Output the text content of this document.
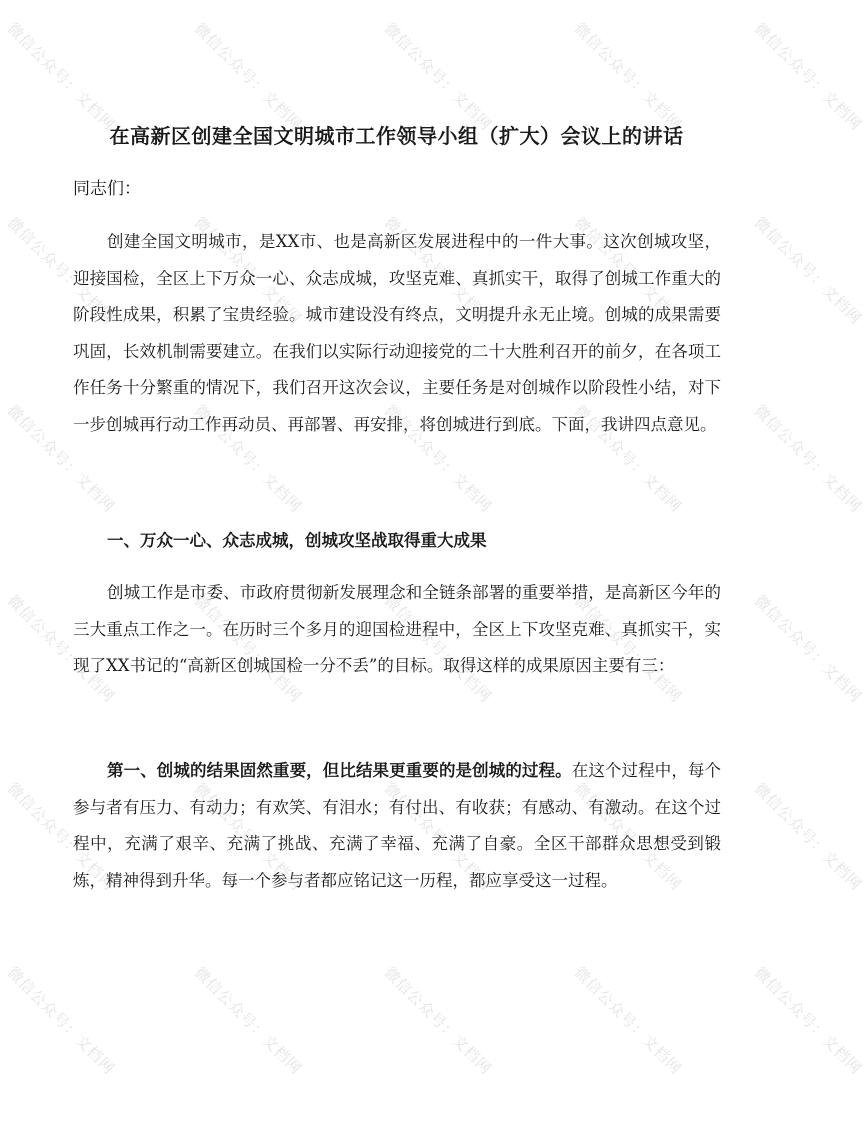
在高新区创建全国文明城市工作领导小组（扩大）会议上的讲话

同志们：

创建全国文明城市，是XX市、也是高新区发展进程中的一件大事。这次创城攻坚，迎接国检，全区上下万众一心、众志成城，攻坚克难、真抓实干，取得了创城工作重大的阶段性成果，积累了宝贵经验。城市建设没有终点，文明提升永无止境。创城的成果需要巩固，长效机制需要建立。在我们以实际行动迎接党的二十大胜利召开的前夕，在各项工作任务十分繁重的情况下，我们召开这次会议，主要任务是对创城作以阶段性小结，对下一步创城再行动工作再动员、再部署、再安排，将创城进行到底。下面，我讲四点意见。

一、万众一心、众志成城，创城攻坚战取得重大成果

创城工作是市委、市政府贯彻新发展理念和全链条部署的重要举措，是高新区今年的三大重点工作之一。在历时三个多月的迎国检进程中，全区上下攻坚克难、真抓实干，实现了XX书记的“高新区创城国检一分不丢”的目标。取得这样的成果原因主要有三：

第一、创城的结果固然重要，但比结果更重要的是创城的过程。在这个过程中，每个参与者有压力、有动力；有欢笑、有泪水；有付出、有收获；有感动、有激动。在这个过程中，充满了艰辛、充满了挑战、充满了幸福、充满了自豪。全区干部群众思想受到锻炼，精神得到升华。每一个参与者都应铭记这一历程，都应享受这一过程。

微信公众号：文档网	微信公众号：文档网	微信公众号：文档网	微信公众号：文档网	微信公众号：文档网
微信公众号：文档网	微信公众号：文档网	微信公众号：文档网	微信公众号：文档网	微信公众号：文档网
微信公众号：文档网	微信公众号：文档网	微信公众号：文档网	微信公众号：文档网	微信公众号：文档网
微信公众号：文档网	微信公众号：文档网	微信公众号：文档网	微信公众号：文档网	微信公众号：文档网
微信公众号：文档网	微信公众号：文档网	微信公众号：文档网	微信公众号：文档网	微信公众号：文档网
微信公众号：文档网	微信公众号：文档网	微信公众号：文档网	微信公众号：文档网	微信公众号：文档网
